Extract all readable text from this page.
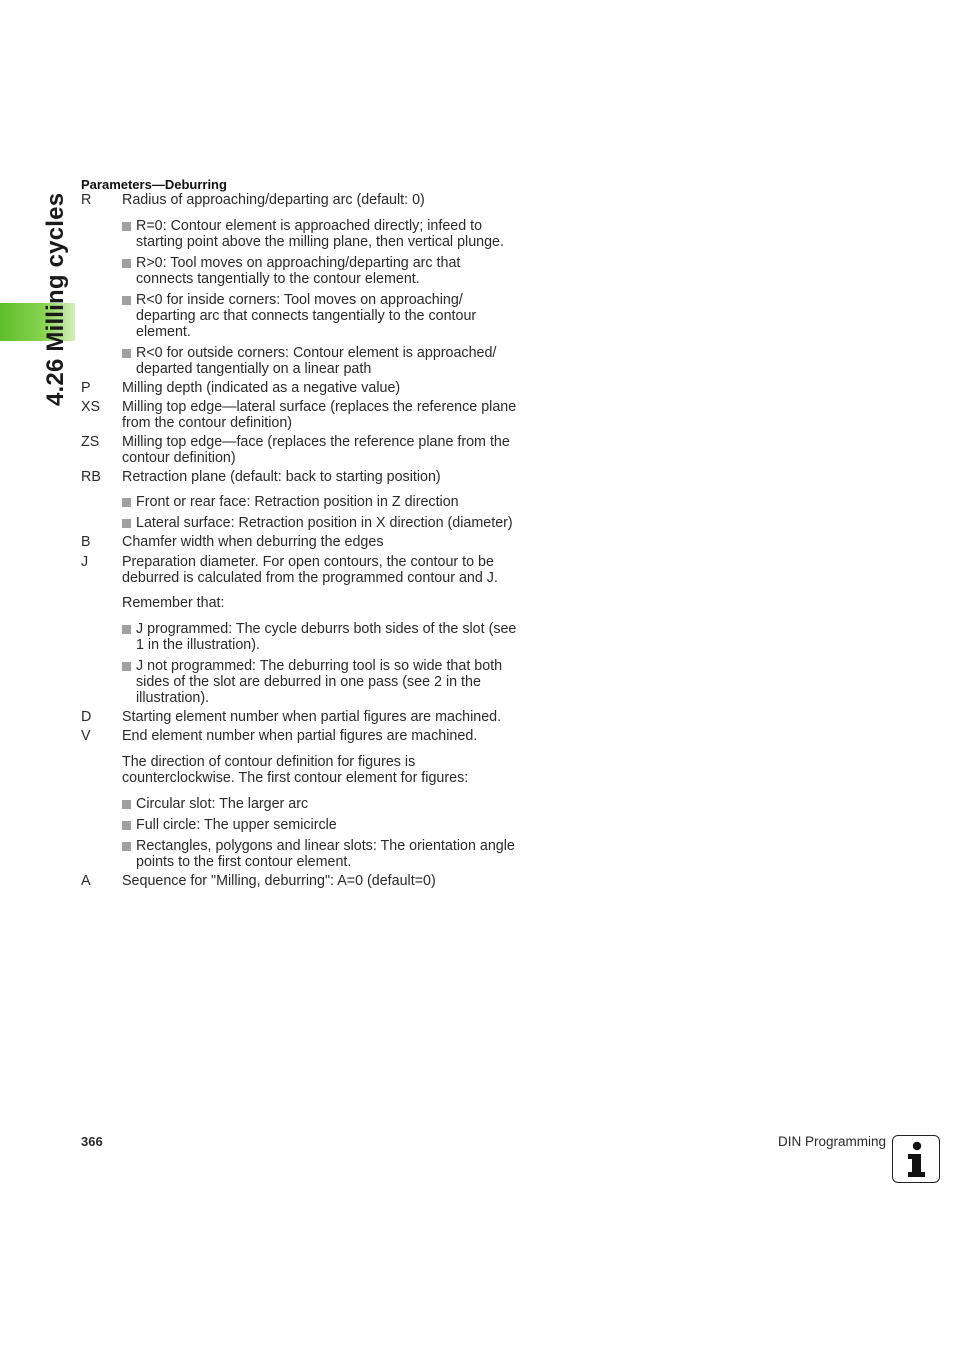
4.26 Milling cycles
Parameters—Deburring
R	Radius of approaching/departing arc (default: 0)
R=0: Contour element is approached directly; infeed to starting point above the milling plane, then vertical plunge.
R>0: Tool moves on approaching/departing arc that connects tangentially to the contour element.
R<0 for inside corners: Tool moves on approaching/ departing arc that connects tangentially to the contour element.
R<0 for outside corners: Contour element is approached/ departed tangentially on a linear path
P	Milling depth (indicated as a negative value)
XS	Milling top edge—lateral surface (replaces the reference plane from the contour definition)
ZS	Milling top edge—face (replaces the reference plane from the contour definition)
RB	Retraction plane (default: back to starting position)
Front or rear face: Retraction position in Z direction
Lateral surface: Retraction position in X direction (diameter)
B	Chamfer width when deburring the edges
J	Preparation diameter. For open contours, the contour to be deburred is calculated from the programmed contour and J.
Remember that:
J programmed: The cycle deburrs both sides of the slot (see 1 in the illustration).
J not programmed: The deburring tool is so wide that both sides of the slot are deburred in one pass (see 2 in the illustration).
D	Starting element number when partial figures are machined.
V	End element number when partial figures are machined.
The direction of contour definition for figures is counterclockwise. The first contour element for figures:
Circular slot: The larger arc
Full circle: The upper semicircle
Rectangles, polygons and linear slots: The orientation angle points to the first contour element.
A	Sequence for "Milling, deburring": A=0 (default=0)
366	DIN Programming
